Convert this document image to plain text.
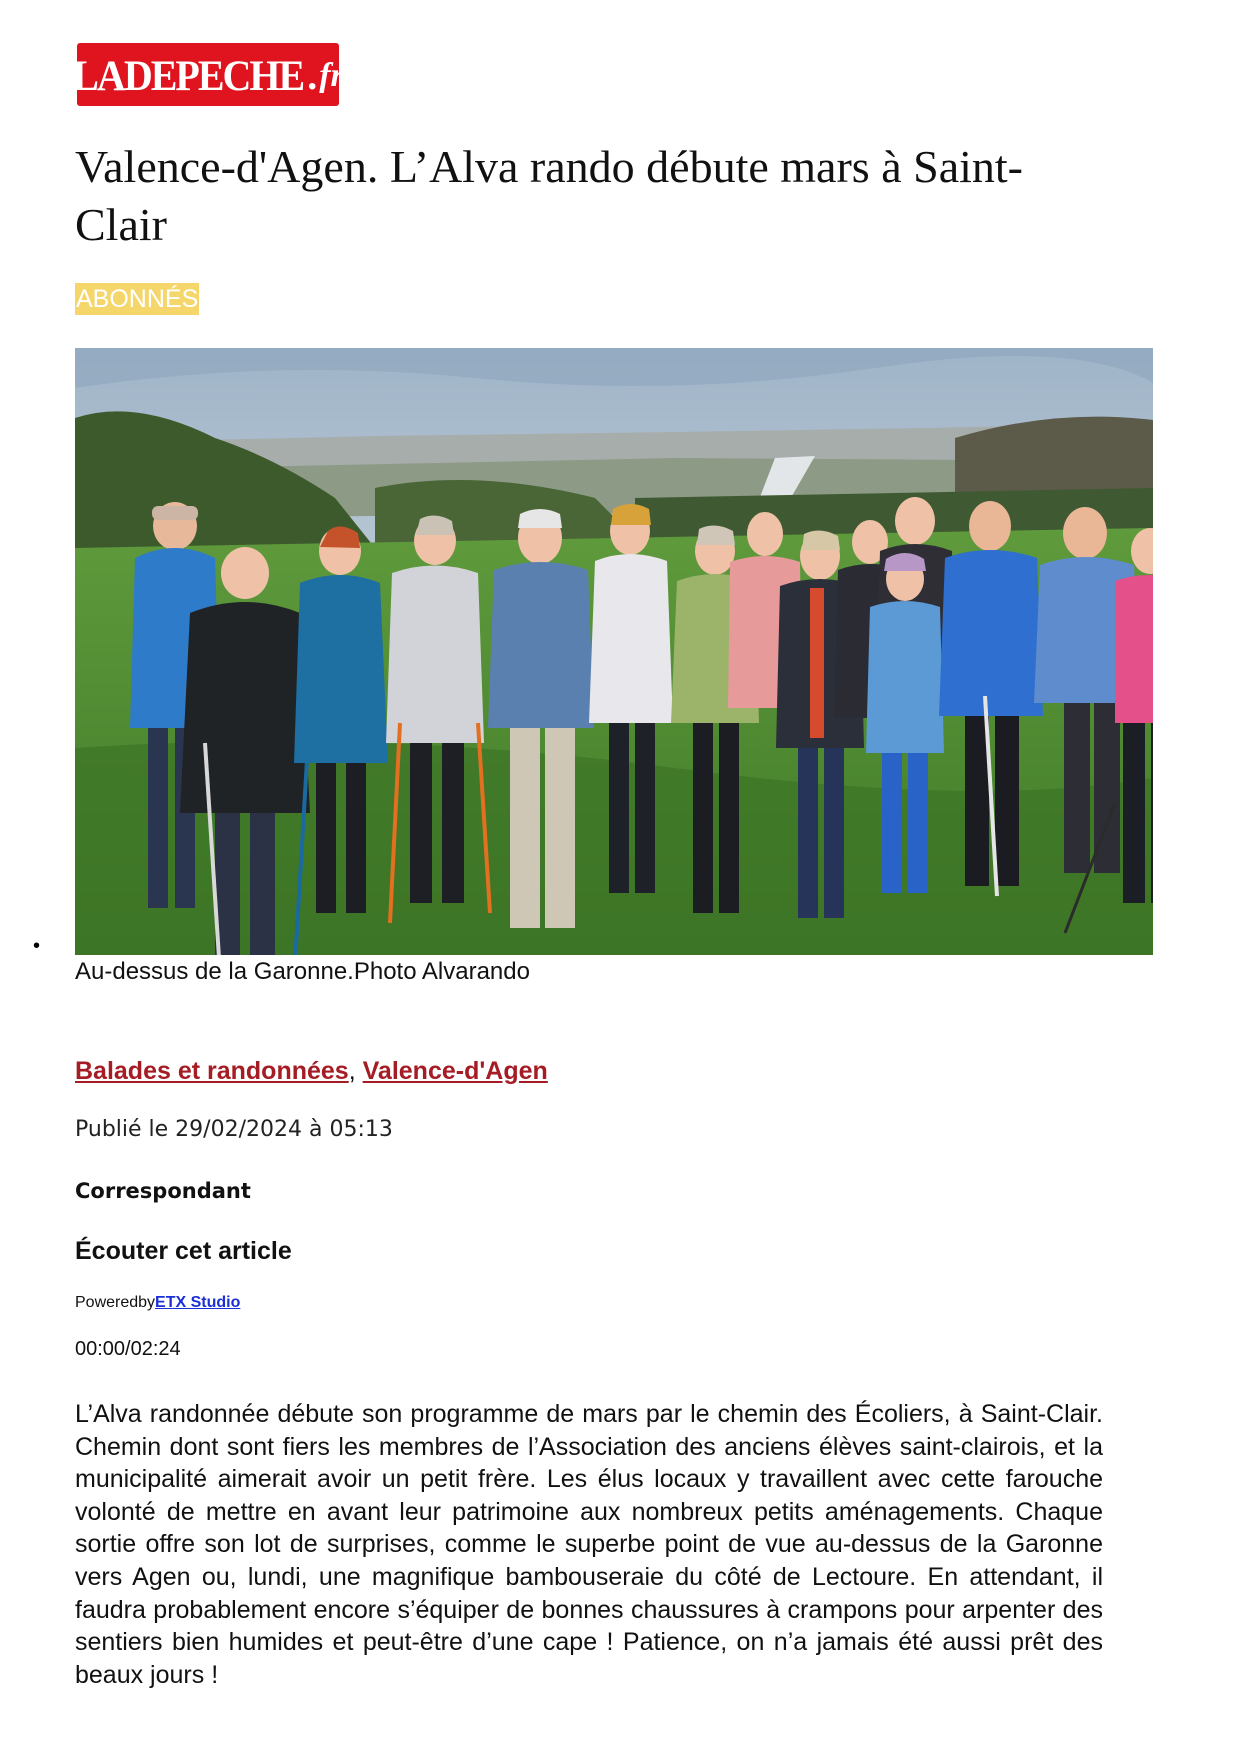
LADEPECHE . fr
Valence-d'Agen. L’Alva rando débute mars à Saint-Clair
ABONNÉS
•
Au-dessus de la Garonne.Photo Alvarando
Balades et randonnées, Valence-d'Agen
Publié le 29/02/2024 à 05:13
Correspondant
Écouter cet article
PoweredbyETX Studio
00:00/02:24

L’Alva randonnée débute son programme de mars par le chemin des Écoliers, à Saint-Clair. Chemin dont sont fiers les membres de l’Association des anciens élèves saint-clairois, et la municipalité aimerait avoir un petit frère. Les élus locaux y travaillent avec cette farouche volonté de mettre en avant leur patrimoine aux nombreux petits aménagements. Chaque sortie offre son lot de surprises, comme le superbe point de vue au-dessus de la Garonne vers Agen ou, lundi, une magnifique bambouseraie du côté de Lectoure. En attendant, il faudra probablement encore s’équiper de bonnes chaussures à crampons pour arpenter des sentiers bien humides et peut-être d’une cape ! Patience, on n’a jamais été aussi prêt des beaux jours !
